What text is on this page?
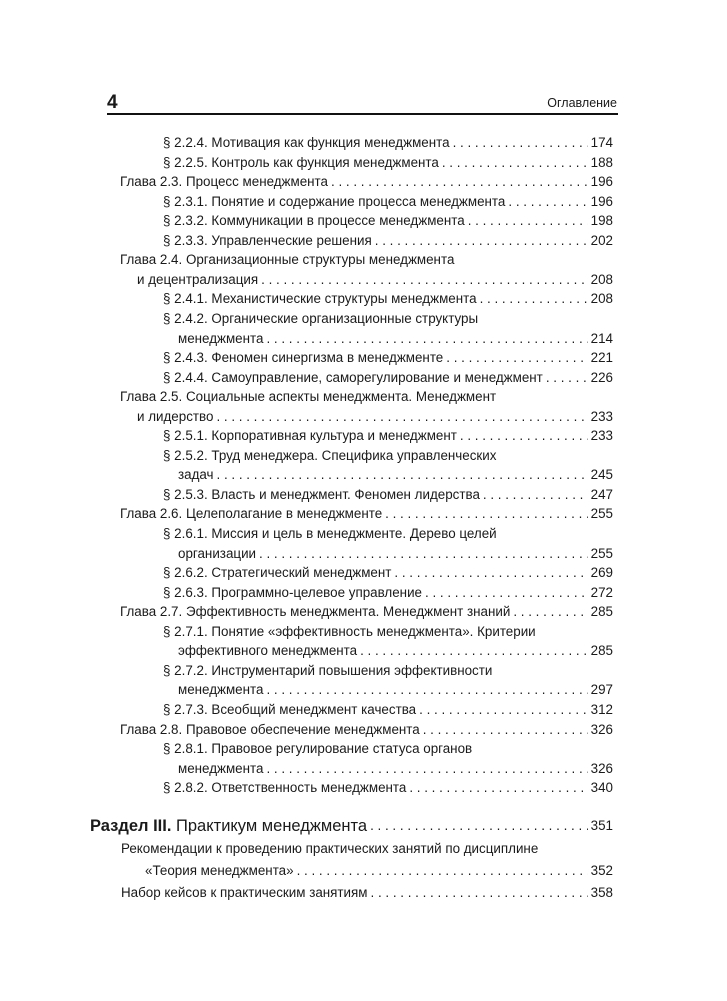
4	Оглавление
§ 2.2.4. Мотивация как функция менеджмента . . .	174
§ 2.2.5. Контроль как функция менеджмента . . .	188
Глава 2.3. Процесс менеджмента . . .	196
§ 2.3.1. Понятие и содержание процесса менеджмента . . .	196
§ 2.3.2. Коммуникации в процессе менеджмента . . .	198
§ 2.3.3. Управленческие решения . . .	202
Глава 2.4. Организационные структуры менеджмента
и децентрализация . . .	208
§ 2.4.1. Механистические структуры менеджмента . . .	208
§ 2.4.2. Органические организационные структуры
менеджмента . . .	214
§ 2.4.3. Феномен синергизма в менеджменте . . .	221
§ 2.4.4. Самоуправление, саморегулирование и менеджмент . . .	226
Глава 2.5. Социальные аспекты менеджмента. Менеджмент
и лидерство . . .	233
§ 2.5.1. Корпоративная культура и менеджмент . . .	233
§ 2.5.2. Труд менеджера. Специфика управленческих
задач . . .	245
§ 2.5.3. Власть и менеджмент. Феномен лидерства . . .	247
Глава 2.6. Целеполагание в менеджменте . . .	255
§ 2.6.1. Миссия и цель в менеджменте. Дерево целей
организации . . .	255
§ 2.6.2. Стратегический менеджмент . . .	269
§ 2.6.3. Программно-целевое управление . . .	272
Глава 2.7. Эффективность менеджмента. Менеджмент знаний . . .	285
§ 2.7.1. Понятие «эффективность менеджмента». Критерии
эффективного менеджмента . . .	285
§ 2.7.2. Инструментарий повышения эффективности
менеджмента . . .	297
§ 2.7.3. Всеобщий менеджмент качества . . .	312
Глава 2.8. Правовое обеспечение менеджмента . . .	326
§ 2.8.1. Правовое регулирование статуса органов
менеджмента . . .	326
§ 2.8.2. Ответственность менеджмента . . .	340
Раздел III. Практикум менеджмента . . .	351
Рекомендации к проведению практических занятий по дисциплине
«Теория менеджмента» . . .	352
Набор кейсов к практическим занятиям . . .	358
